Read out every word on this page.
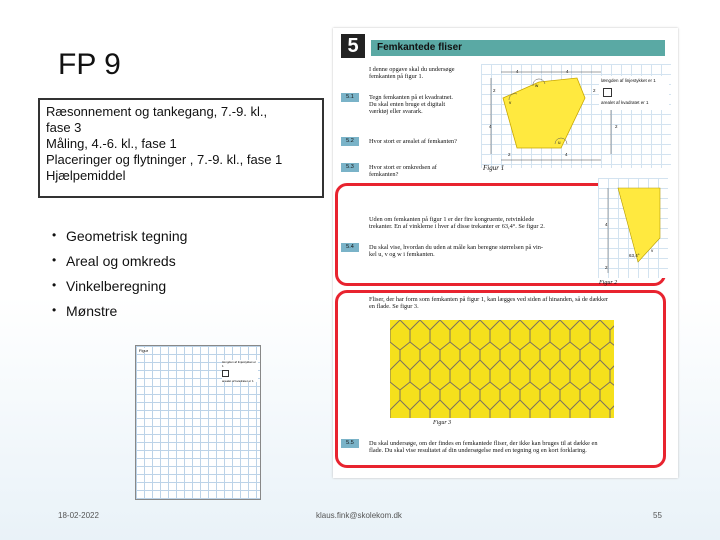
FP 9
Ræsonnement og tankegang, 7.-9. kl.,
fase 3
Måling, 4.-6. kl., fase 1
Placeringer og flytninger , 7.-9. kl., fase 1
Hjælpemiddel
• Geometrisk tegning
• Areal og omkreds
• Vinkelberegning
• Mønstre
Figur
længden af linjestykket er 1
arealet af kvadratet er 1
18-02-2022	klaus.fink@skolekom.dk	55
5	Femkantede fliser
I denne opgave skal du undersøge
femkanten på figur 1.
5.1	Tegn femkanten på et kvadratnet.
Du skal enten bruge et digitalt
værktøj eller svarark.
5.2	Hvor stort er arealet af femkanten?
5.3	Hvor stort er omkredsen af
femkanten?
4	4
2	2
4	2
2	4
w
v
u
længden af linjestykket er 1
arealet af kvadratet er 1
Figur 1
Uden om femkanten på figur 1 er der fire kongruente, retvinklede
trekanter. En af vinklerne i hver af disse trekanter er 63,4°. Se figur 2.	4
63,4°
2
v
Figur 2
5.4	Du skal vise, hvordan du uden at måle kan beregne størrelsen på vin-
kel u, v og w i femkanten.
Fliser, der har form som femkanten på figur 1, kan lægges ved siden af hinanden, så de dækker
en flade. Se figur 3.
Figur 3
5.5	Du skal undersøge, om der findes en femkantede fliser, der ikke kan bruges til at dække en
flade. Du skal vise resultatet af din undersøgelse med en tegning og en kort forklaring.
